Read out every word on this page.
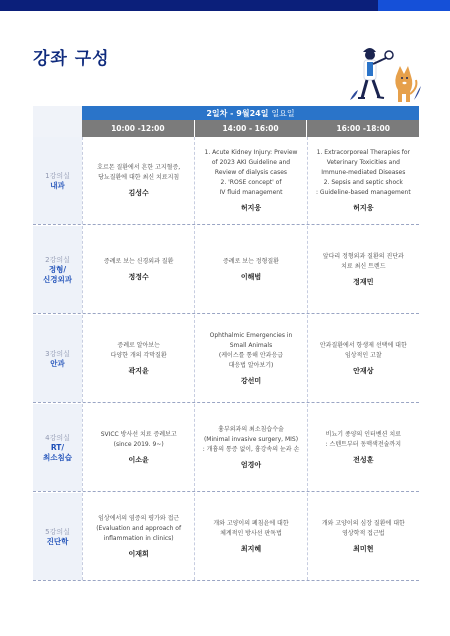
강좌 구성
2일차 - 9월24일 일요일
10:00 -12:00	14:00 - 16:00	16:00 -18:00
1강의실
내과
호르몬 질환에서 흔한 고지혈증,
당뇨질환에 대한 최신 치료지침
김성수
1. Acute Kidney Injury: Preview
of 2023 AKI Guideline and
Review of dialysis cases
2. 'ROSE concept' of
IV fluid management
허지웅
1. Extracorporeal Therapies for
Veterinary Toxicities and
Immune-mediated Diseases
2. Sepsis and septic shock
: Guideline-based management
허지웅
2강의실
정형/
신경외과
증례로 보는 신경외과 질환
정정수
증례로 보는 정형질환
이해범
앞다리 정형외과 질환의 진단과
치료 최신 트렌드
정재민
3강의실
안과
증례로 알아보는
다양한 개의 각막질환
곽지윤
Ophthalmic Emergencies in
Small Animals
(케이스를 통해 안과응급
대응법 알아보기)
강선미
안과질환에서 항생제 선택에 대한
임상적인 고찰
안재상
4강의실
RT/
최소침습
SVICC 방사선 치료 증례보고
(since 2019. 9~)
이소윤
흉부외과의 최소침습수술
(Minimal invasive surgery, MIS)
: 개흉의 통증 없이, 흉강속의 눈과 손
엄경아
비뇨기 종양의 인터벤션 치료
: 스텐트부터 동맥색전술까지
전성훈
5강의실
진단학
임상에서의 염증의 평가와 접근
(Evaluation and approach of
inflammation in clinics)
이재희
개와 고양이의 폐침윤에 대한
체계적인 방사선 판독법
최지혜
개와 고양이의 심장 질환에 대한
영상학적 접근법
최미현
